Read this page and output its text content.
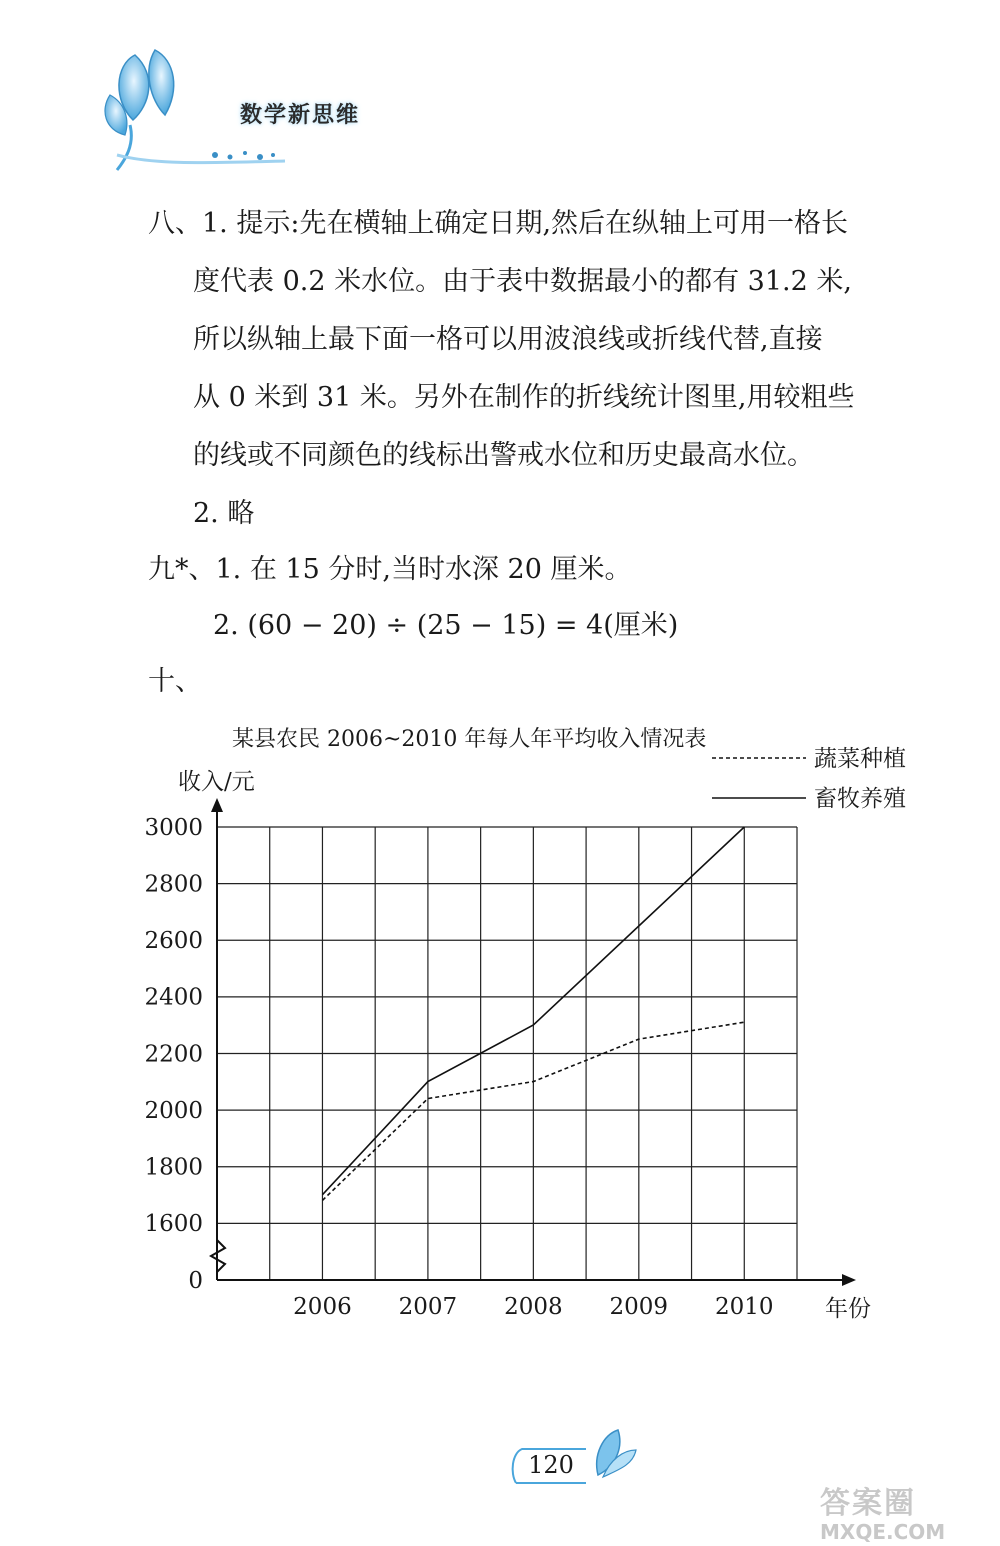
数学新思维
八、1. 提示:先在横轴上确定日期,然后在纵轴上可用一格长
度代表 0.2 米水位。由于表中数据最小的都有 31.2 米,
所以纵轴上最下面一格可以用波浪线或折线代替,直接
从 0 米到 31 米。另外在制作的折线统计图里,用较粗些
的线或不同颜色的线标出警戒水位和历史最高水位。
2. 略
九*、1. 在 15 分时,当时水深 20 厘米。
2. (60 − 20) ÷ (25 − 15) = 4(厘米)
十、
某县农民 2006~2010 年每人年平均收入情况表
0
1600
1800
2000
2200
2400
2600
2800
3000
2006 2007 2008 2009 2010
收入/元
年份
蔬菜种植
畜牧养殖
120
答案圈
MXQE.COM
